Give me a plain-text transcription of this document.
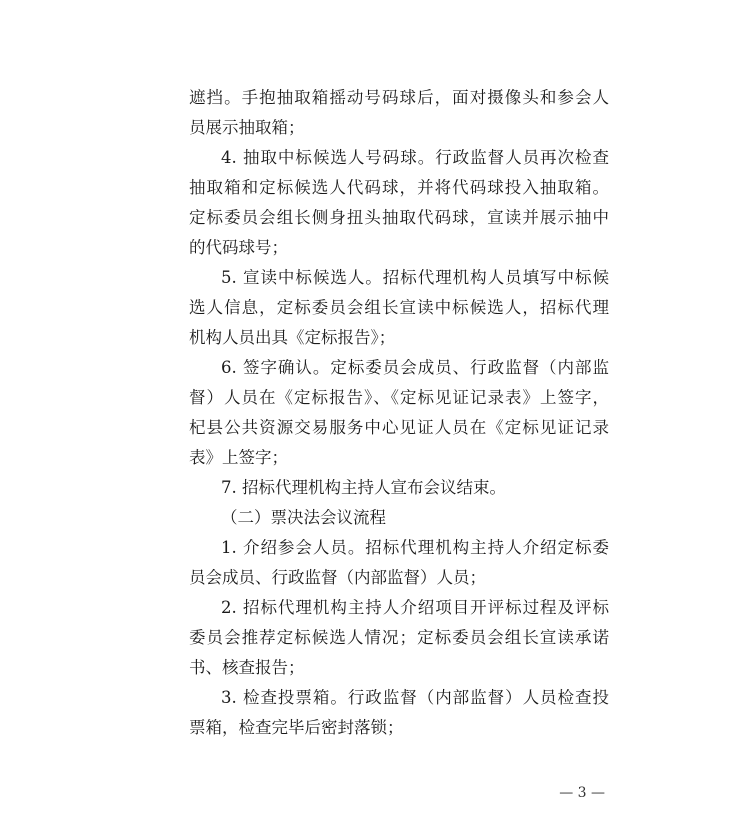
遮挡。手抱抽取箱摇动号码球后，面对摄像头和参会人
员展示抽取箱；
4. 抽取中标候选人号码球。行政监督人员再次检查
抽取箱和定标候选人代码球，并将代码球投入抽取箱。
定标委员会组长侧身扭头抽取代码球，宣读并展示抽中
的代码球号；
5. 宣读中标候选人。招标代理机构人员填写中标候
选人信息，定标委员会组长宣读中标候选人，招标代理
机构人员出具《定标报告》；
6. 签字确认。定标委员会成员、行政监督（内部监
督）人员在《定标报告》、《定标见证记录表》上签字，
杞县公共资源交易服务中心见证人员在《定标见证记录
表》上签字；
7. 招标代理机构主持人宣布会议结束。
（二）票决法会议流程
1. 介绍参会人员。招标代理机构主持人介绍定标委
员会成员、行政监督（内部监督）人员；
2. 招标代理机构主持人介绍项目开评标过程及评标
委员会推荐定标候选人情况；定标委员会组长宣读承诺
书、核查报告；
3. 检查投票箱。行政监督（内部监督）人员检查投
票箱，检查完毕后密封落锁；
— 3 —
